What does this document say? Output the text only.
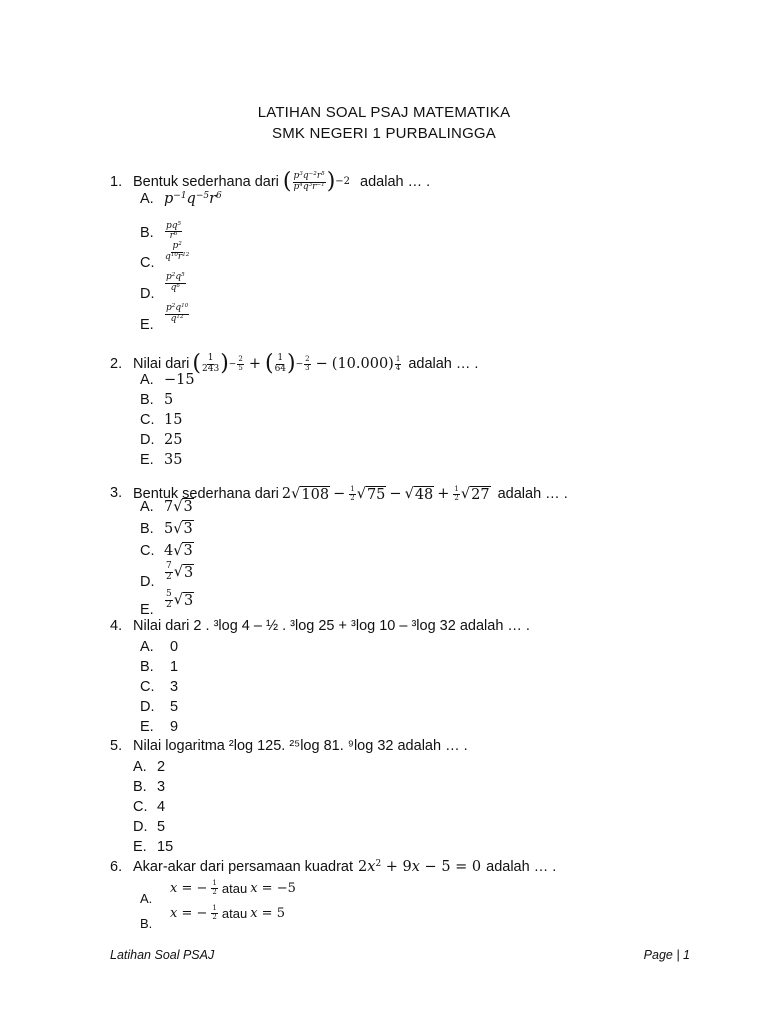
LATIHAN SOAL PSAJ MATEMATIKA
SMK NEGERI 1 PURBALINGGA
1. Bentuk sederhana dari ( $\frac{p^3q^{-2}r^5}{p^4q^3r^{-1}}$ ) −2 adalah … .
A. $p^{-1}q^{-5}r^6$
B. $\frac{pq^5}{r^6}$
C.
$\frac{p^2}{q^{10}r^{12}}$
D.
$\frac{p^2q^5}{q^6}$
E.
$\frac{p^2q^{10}}{q^{12}}$
2. Nilai dari ( $\frac{1}{243}$ ) − $\frac{2}{5}$ + ( $\frac{1}{64}$ ) − $\frac{2}{3} - (10.000) \frac{1}{4}$ adalah … .
A. −15
B. 5
C. 15
D. 25
E. 35
3. Bentuk sederhana dari 2 √ $108 - \frac{1}{2}$ √ 75 − √ $48 + \frac{1}{2}$ √ 27 adalah … .
A. 7√3
B. 5√3
C. 4√3
D.
$\frac{7}{2}$ √ 3
E.
$\frac{5}{2}$ √ 3
4. Nilai dari 2 . ³log 4 – ½ . ³log 25 + ³log 10 – ³log 32 adalah … .
A. 0
B. 1
C. 3
D. 5
E. 9
5. Nilai logaritma ²log 125. ²⁵log 81. ⁹log 32 adalah … .
A. 2
B. 3
C. 4
D. 5
E. 15
6. Akar-akar dari persamaan kuadrat $2x^2 + 9x - 5 = 0$ adalah … .
A.
x = − $\frac{1}{2}$ atau x = −5
B.
x = − $\frac{1}{2}$ atau x = 5
Latihan Soal PSAJ	Page | 1
